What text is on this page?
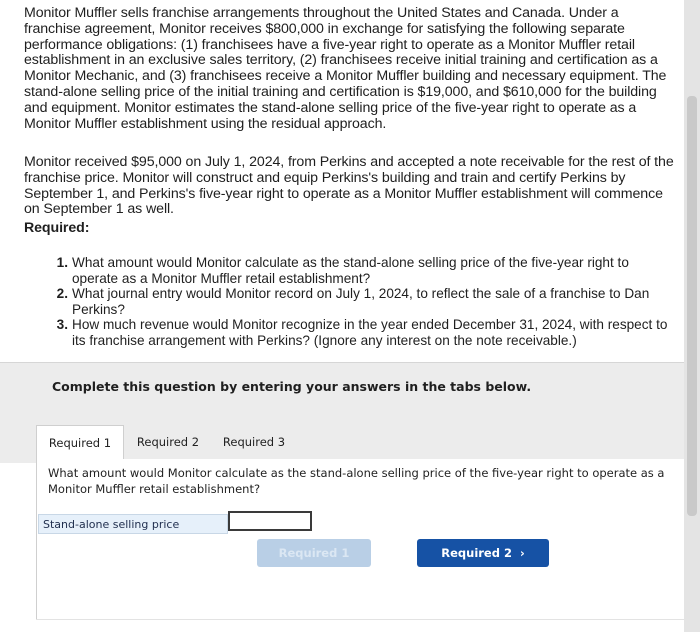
Monitor Muffler sells franchise arrangements throughout the United States and Canada. Under a franchise agreement, Monitor receives $800,000 in exchange for satisfying the following separate performance obligations: (1) franchisees have a five-year right to operate as a Monitor Muffler retail establishment in an exclusive sales territory, (2) franchisees receive initial training and certification as a Monitor Mechanic, and (3) franchisees receive a Monitor Muffler building and necessary equipment. The stand-alone selling price of the initial training and certification is $19,000, and $610,000 for the building and equipment. Monitor estimates the stand-alone selling price of the five-year right to operate as a Monitor Muffler establishment using the residual approach.

Monitor received $95,000 on July 1, 2024, from Perkins and accepted a note receivable for the rest of the franchise price. Monitor will construct and equip Perkins's building and train and certify Perkins by September 1, and Perkins's five-year right to operate as a Monitor Muffler establishment will commence on September 1 as well.

Required:

1. What amount would Monitor calculate as the stand-alone selling price of the five-year right to operate as a Monitor Muffler retail establishment?
2. What journal entry would Monitor record on July 1, 2024, to reflect the sale of a franchise to Dan Perkins?
3. How much revenue would Monitor recognize in the year ended December 31, 2024, with respect to its franchise arrangement with Perkins? (Ignore any interest on the note receivable.)
Complete this question by entering your answers in the tabs below.
Required 1	Required 2	Required 3
What amount would Monitor calculate as the stand-alone selling price of the five-year right to operate as a Monitor Muffler retail establishment?
Stand-alone selling price
Required 1	Required 2 ›
